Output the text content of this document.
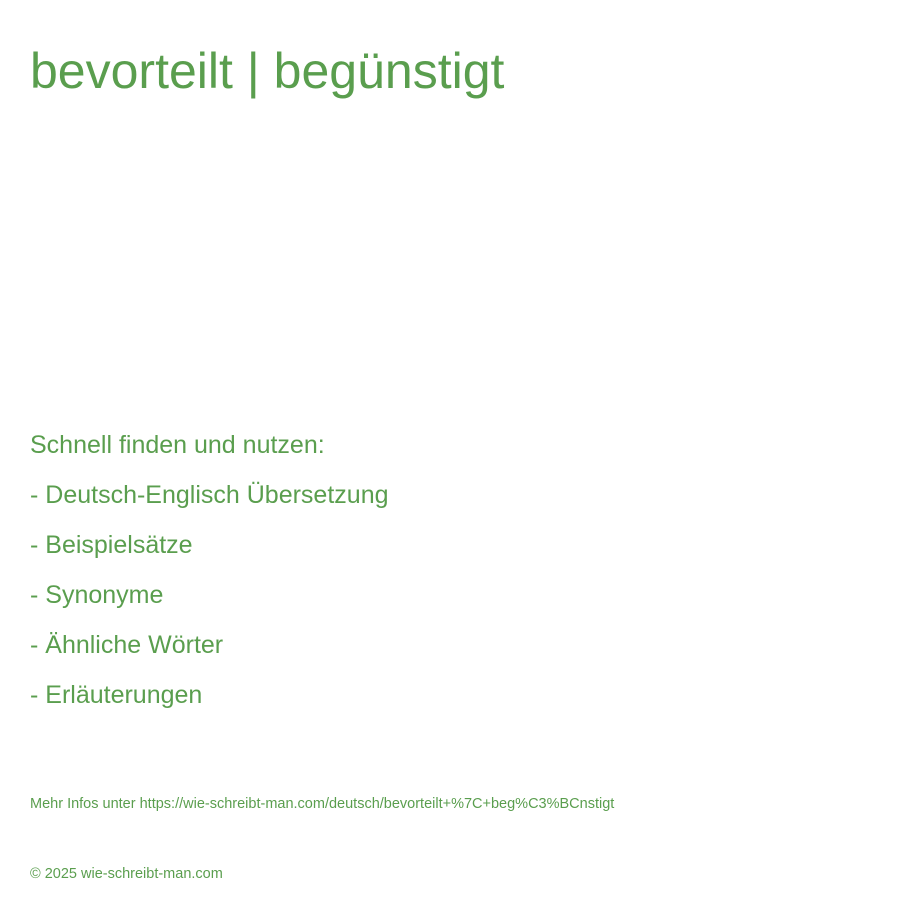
bevorteilt | begünstigt
Schnell finden und nutzen:
- Deutsch-Englisch Übersetzung
- Beispielsätze
- Synonyme
- Ähnliche Wörter
- Erläuterungen
Mehr Infos unter https://wie-schreibt-man.com/deutsch/bevorteilt+%7C+beg%C3%BCnstigt
© 2025 wie-schreibt-man.com
